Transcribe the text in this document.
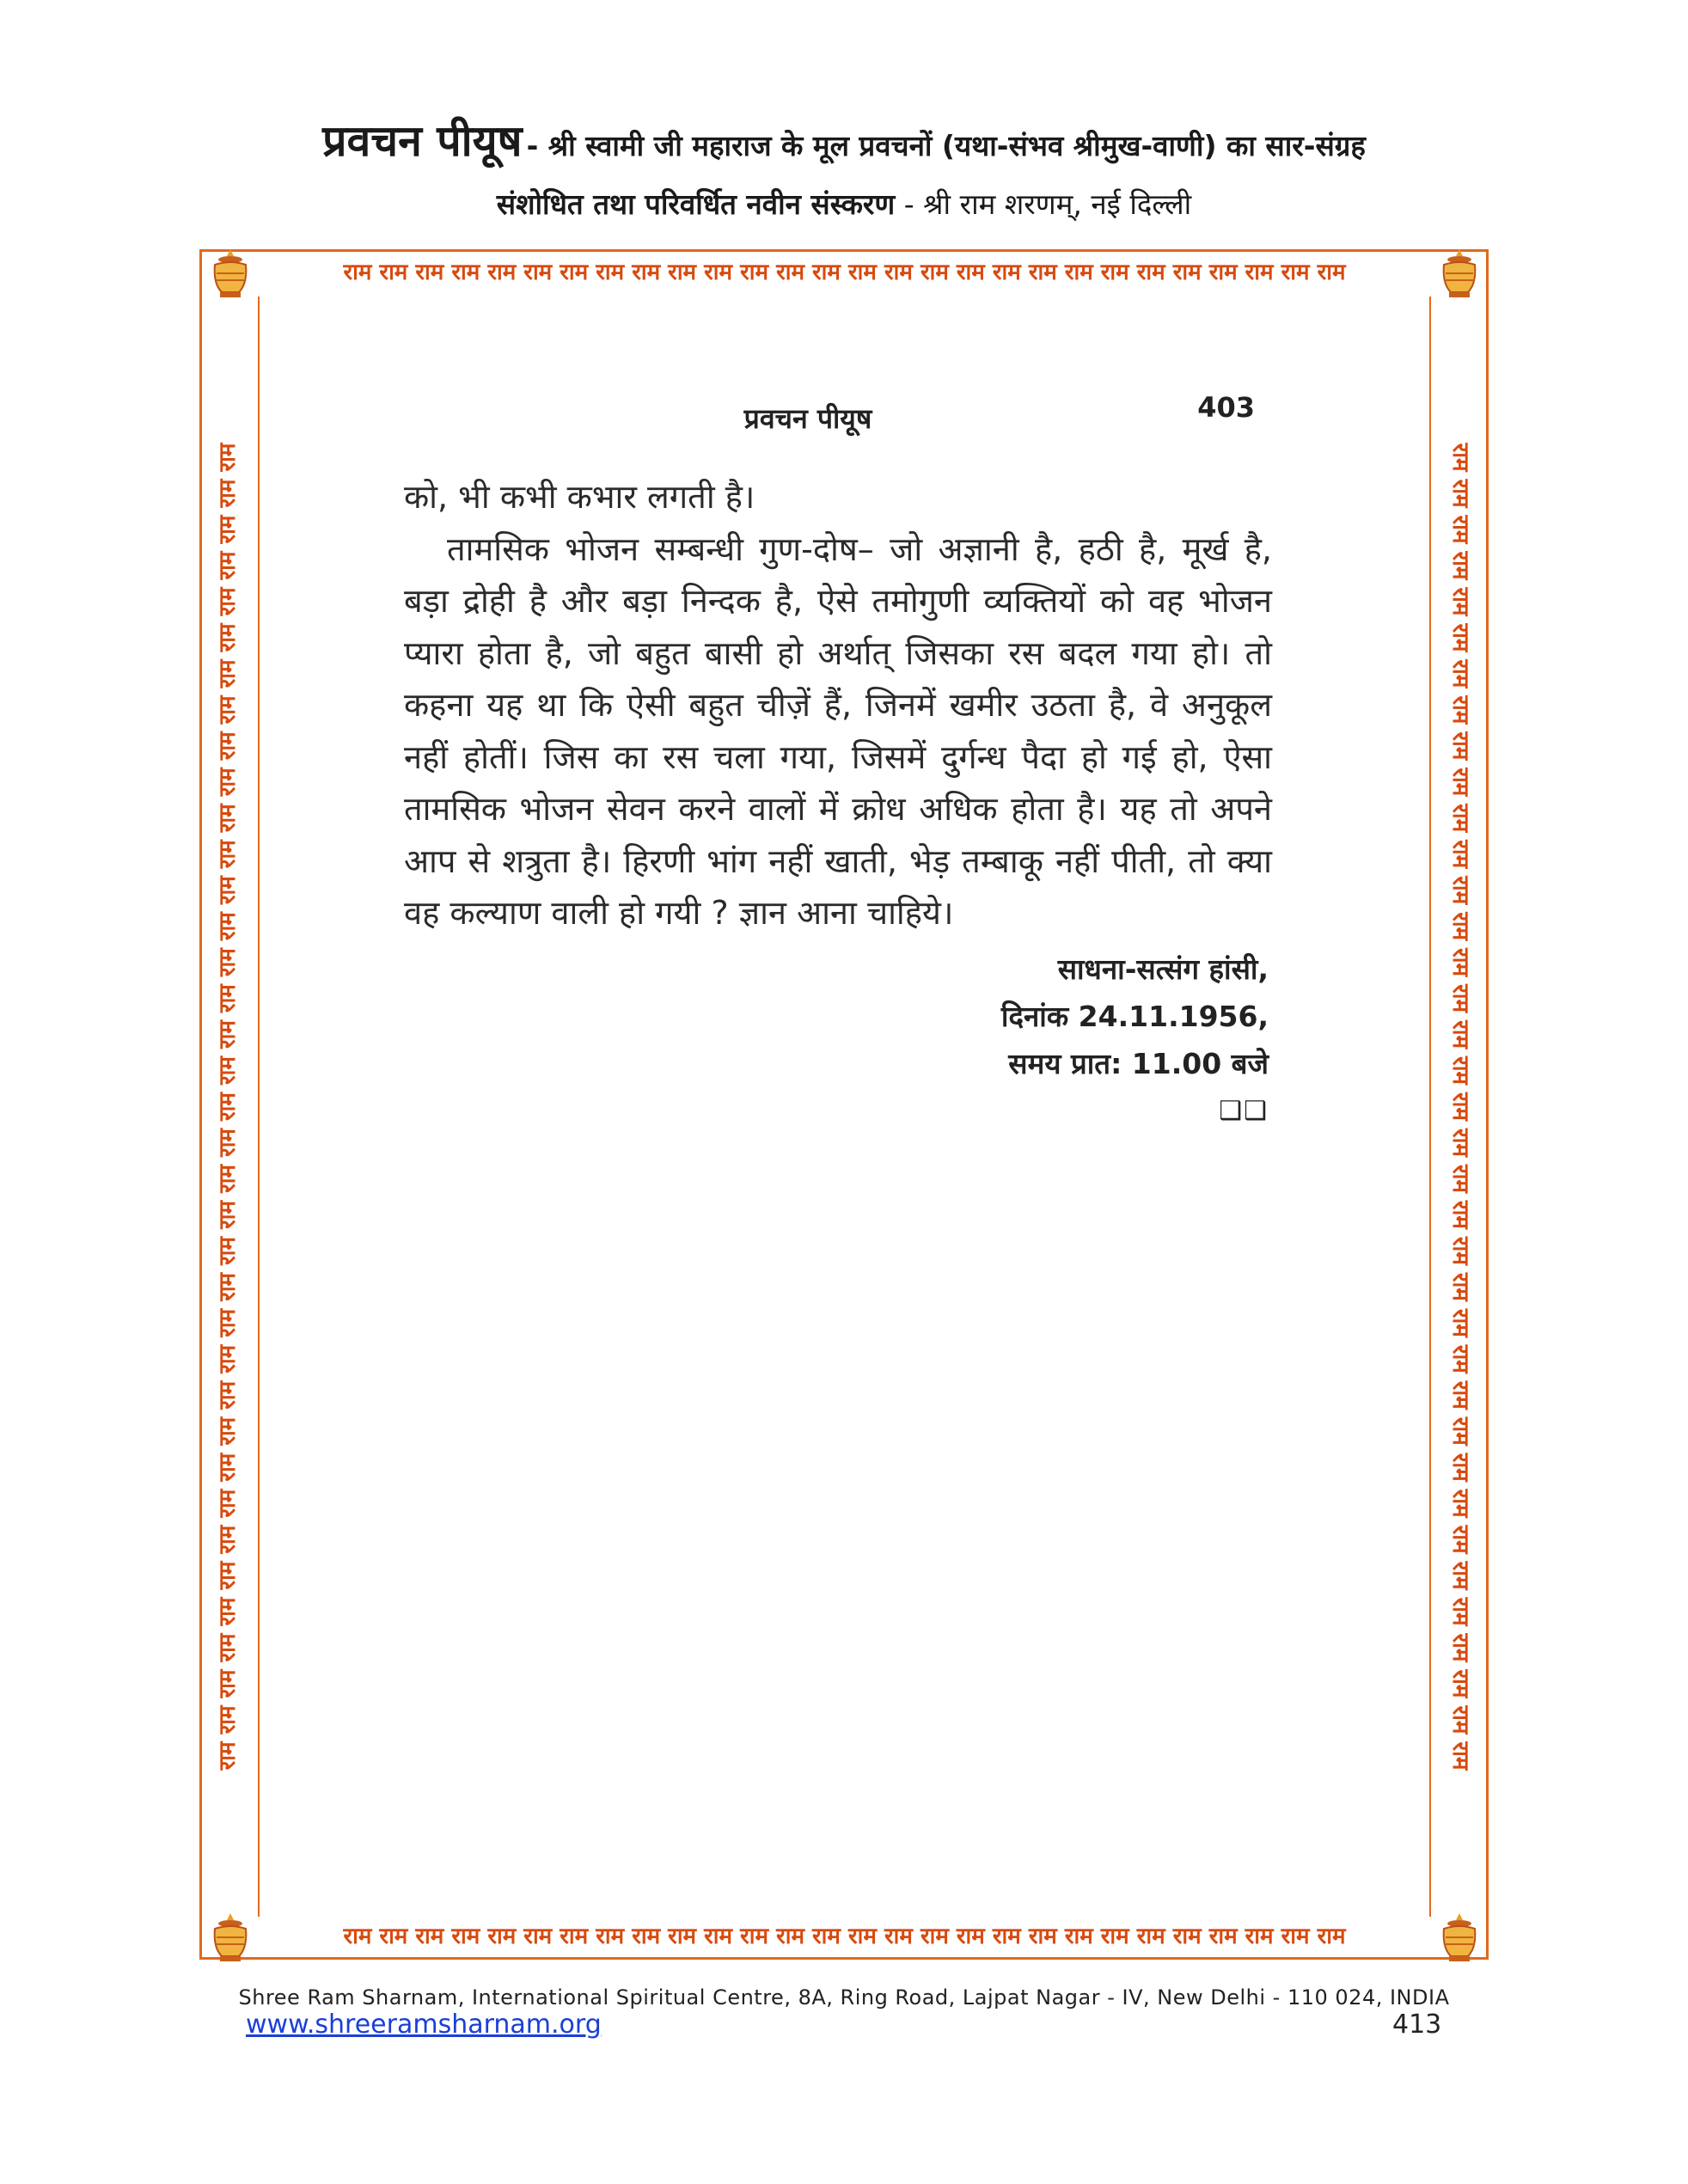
प्रवचन पीयूष - श्री स्वामी जी महाराज के मूल प्रवचनों (यथा-संभव श्रीमुख-वाणी) का सार-संग्रह
संशोधित तथा परिवर्धित नवीन संस्करण - श्री राम शरणम्, नई दिल्ली
राम राम राम राम राम राम राम राम राम राम राम राम राम राम राम राम राम राम राम राम राम राम राम राम राम राम राम राम
राम राम राम राम राम राम राम राम राम राम राम राम राम राम राम राम राम राम राम राम राम राम राम राम राम राम राम राम
राम राम राम राम राम राम राम राम राम राम राम राम राम राम राम राम राम राम राम राम राम राम राम राम राम राम राम राम राम राम राम राम राम राम राम राम राम	राम राम राम राम राम राम राम राम राम राम राम राम राम राम राम राम राम राम राम राम राम राम राम राम राम राम राम राम राम राम राम राम राम राम राम राम राम
प्रवचन पीयूष	403

को, भी कभी कभार लगती है।

तामसिक भोजन सम्बन्धी गुण-दोष– जो अज्ञानी है, हठी है, मूर्ख है, बड़ा द्रोही है और बड़ा निन्दक है, ऐसे तमोगुणी व्यक्तियों को वह भोजन प्यारा होता है, जो बहुत बासी हो अर्थात् जिसका रस बदल गया हो। तो कहना यह था कि ऐसी बहुत चीज़ें हैं, जिनमें खमीर उठता है, वे अनुकूल नहीं होतीं। जिस का रस चला गया, जिसमें दुर्गन्ध पैदा हो गई हो, ऐसा तामसिक भोजन सेवन करने वालों में क्रोध अधिक होता है। यह तो अपने आप से शत्रुता है। हिरणी भांग नहीं खाती, भेड़ तम्बाकू नहीं पीती, तो क्या वह कल्याण वाली हो गयी ? ज्ञान आना चाहिये।

साधना-सत्संग हांसी,
दिनांक 24.11.1956,
समय प्रात: 11.00 बजे
❑❑
Shree Ram Sharnam, International Spiritual Centre, 8A, Ring Road, Lajpat Nagar - IV, New Delhi - 110 024, INDIA
www.shreeramsharnam.org	413
